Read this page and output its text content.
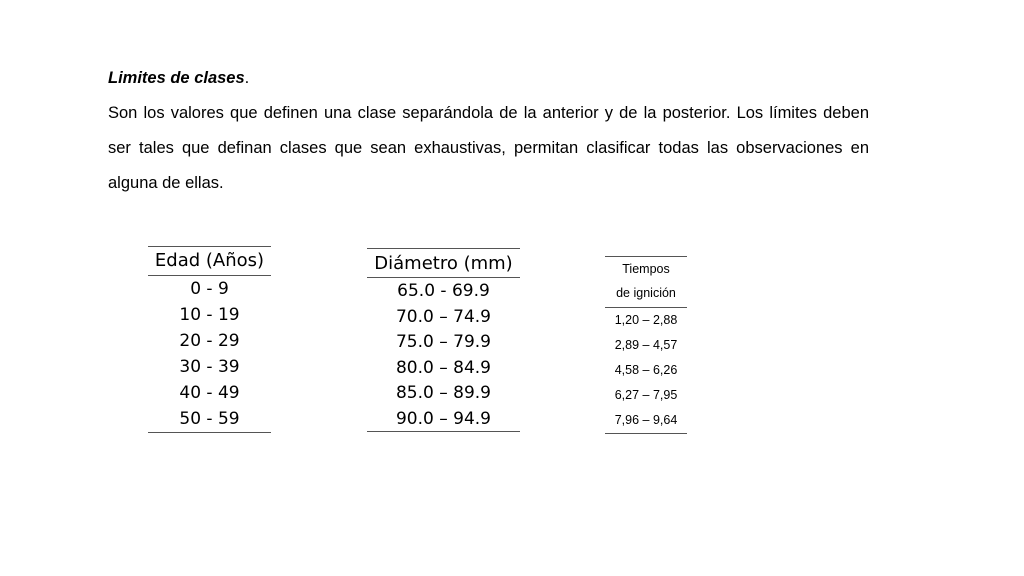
Limites de clases.
Son los valores que definen una clase separándola de la anterior y de la posterior. Los límites deben ser tales que definan clases que sean exhaustivas, permitan clasificar todas las observaciones en alguna de ellas.
Edad (Años)
0 - 9
10 - 19
20 - 29
30 - 39
40 - 49
50 - 59
Diámetro (mm)
65.0 - 69.9
70.0 – 74.9
75.0 – 79.9
80.0 – 84.9
85.0 – 89.9
90.0 – 94.9
Tiempos
de ignición
1,20 – 2,88
2,89 – 4,57
4,58 – 6,26
6,27 – 7,95
7,96 – 9,64
